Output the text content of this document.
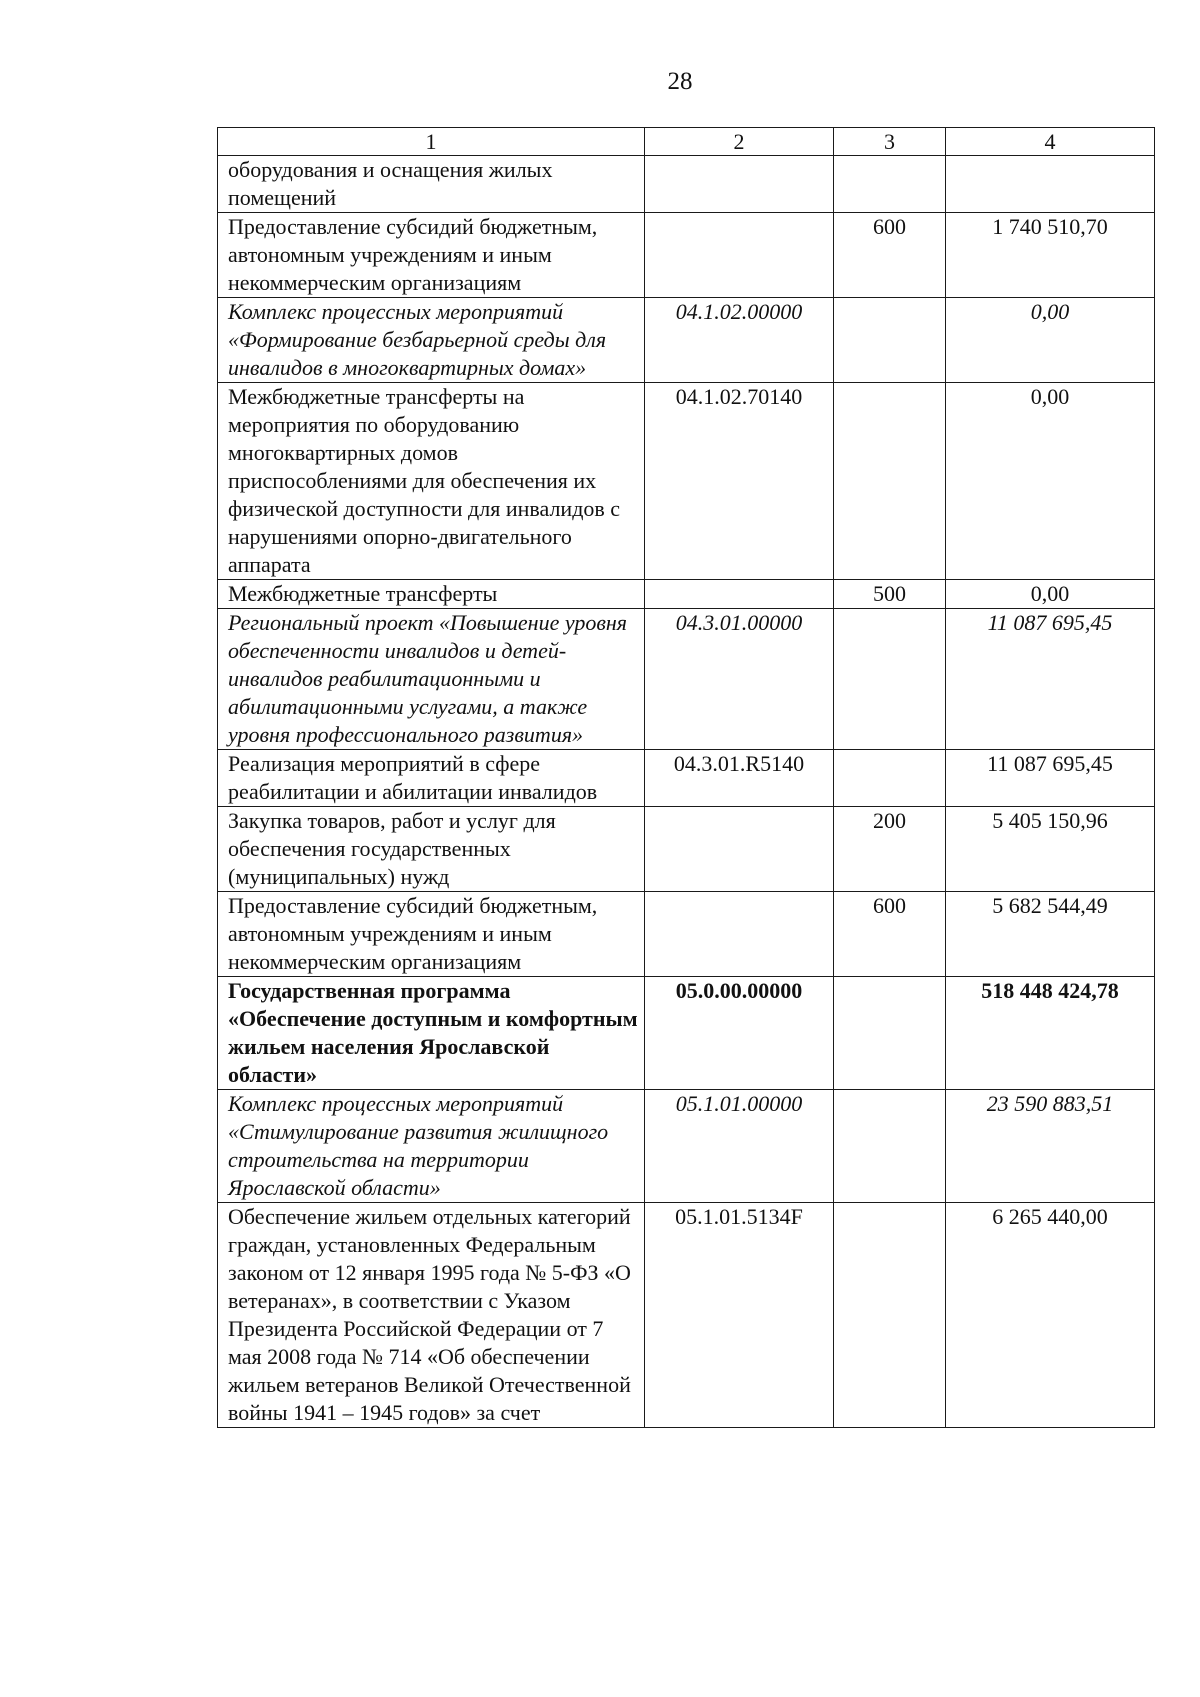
28
1	2	3	4
оборудования и оснащения жилых помещений			
Предоставление субсидий бюджетным, автономным учреждениям и иным некоммерческим организациям		600	1 740 510,70
Комплекс процессных мероприятий «Формирование безбарьерной среды для инвалидов в многоквартирных домах»	04.1.02.00000		0,00
Межбюджетные трансферты на мероприятия по оборудованию многоквартирных домов приспособлениями для обеспечения их физической доступности для инвалидов с нарушениями опорно-двигательного аппарата	04.1.02.70140		0,00
Межбюджетные трансферты		500	0,00
Региональный проект «Повышение уровня обеспеченности инвалидов и детей-инвалидов реабилитационными и абилитационными услугами, а также уровня профессионального развития»	04.3.01.00000		11 087 695,45
Реализация мероприятий в сфере реабилитации и абилитации инвалидов	04.3.01.R5140		11 087 695,45
Закупка товаров, работ и услуг для обеспечения государственных (муниципальных) нужд		200	5 405 150,96
Предоставление субсидий бюджетным, автономным учреждениям и иным некоммерческим организациям		600	5 682 544,49
Государственная программа «Обеспечение доступным и комфортным жильем населения Ярославской области»	05.0.00.00000		518 448 424,78
Комплекс процессных мероприятий «Стимулирование развития жилищного строительства на территории Ярославской области»	05.1.01.00000		23 590 883,51
Обеспечение жильем отдельных категорий граждан, установленных Федеральным законом от 12 января 1995 года № 5-ФЗ «О ветеранах», в соответствии с Указом Президента Российской Федерации от 7 мая 2008 года № 714 «Об обеспечении жильем ветеранов Великой Отечественной войны 1941 – 1945 годов» за счет	05.1.01.5134F		6 265 440,00
